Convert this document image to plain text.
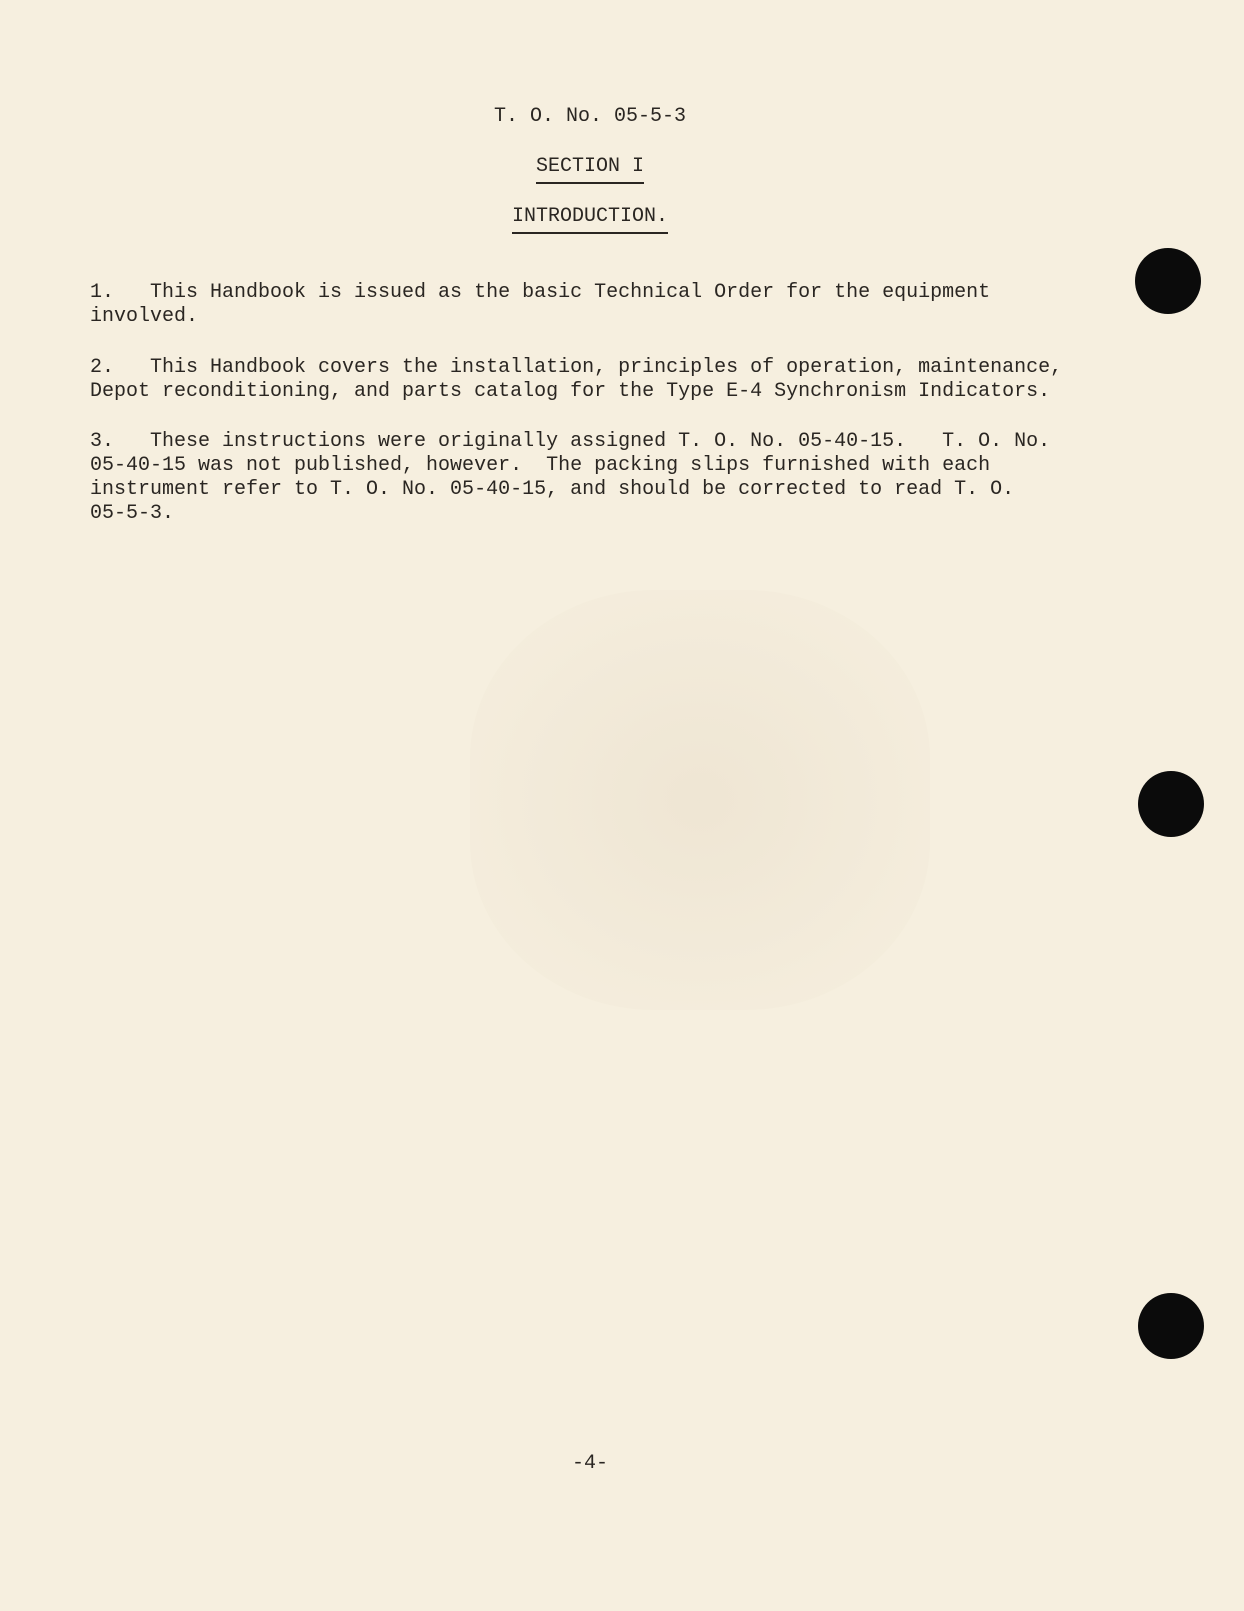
T. O. No. 05-5-3
SECTION I
INTRODUCTION.
1.   This Handbook is issued as the basic Technical Order for the equipment
involved.
2.   This Handbook covers the installation, principles of operation, maintenance,
Depot reconditioning, and parts catalog for the Type E-4 Synchronism Indicators.
3.   These instructions were originally assigned T. O. No. 05-40-15.   T. O. No.
05-40-15 was not published, however.  The packing slips furnished with each
instrument refer to T. O. No. 05-40-15, and should be corrected to read T. O.
05-5-3.
-4-
